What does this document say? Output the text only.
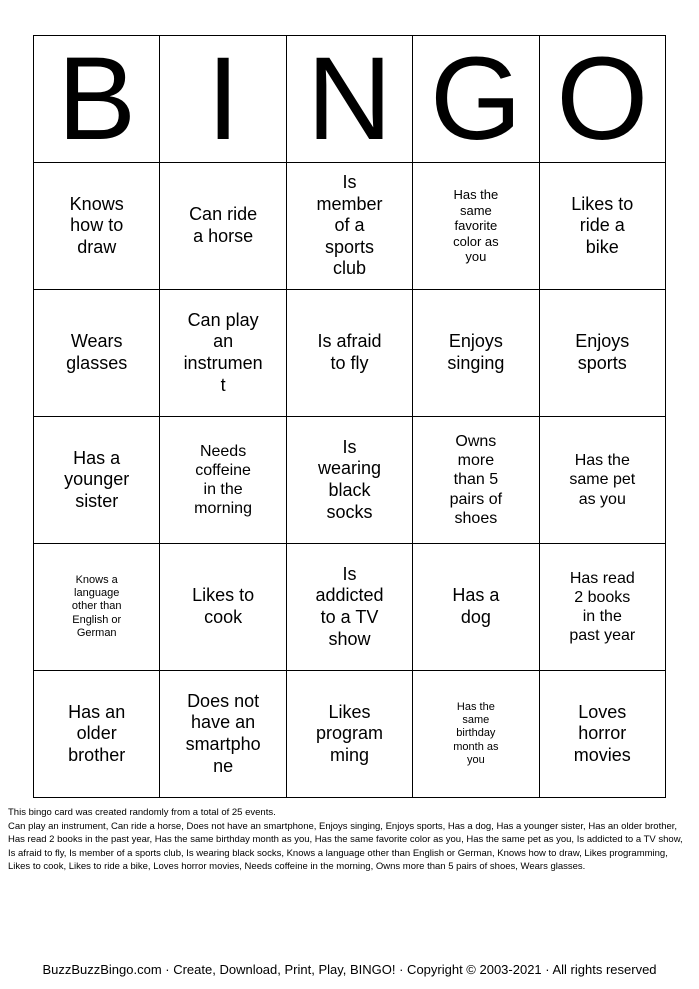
B	I	N	G	O
Knows how to draw	Can ride a horse	Is member of a sports club	Has the same favorite color as you	Likes to ride a bike
Wears glasses	Can play an instrument	Is afraid to fly	Enjoys singing	Enjoys sports
Has a younger sister	Needs coffeine in the morning	Is wearing black socks	Owns more than 5 pairs of shoes	Has the same pet as you
Knows a language other than English or German	Likes to cook	Is addicted to a TV show	Has a dog	Has read 2 books in the past year
Has an older brother	Does not have an smartphone	Likes programming	Has the same birthday month as you	Loves horror movies

This bingo card was created randomly from a total of 25 events.

Can play an instrument, Can ride a horse, Does not have an smartphone, Enjoys singing, Enjoys sports, Has a dog, Has a younger sister, Has an older brother, Has read 2 books in the past year, Has the same birthday month as you, Has the same favorite color as you, Has the same pet as you, Is addicted to a TV show, Is afraid to fly, Is member of a sports club, Is wearing black socks, Knows a language other than English or German, Knows how to draw, Likes programming, Likes to cook, Likes to ride a bike, Loves horror movies, Needs coffeine in the morning, Owns more than 5 pairs of shoes, Wears glasses.

BuzzBuzzBingo.com · Create, Download, Print, Play, BINGO! · Copyright © 2003-2021 · All rights reserved
